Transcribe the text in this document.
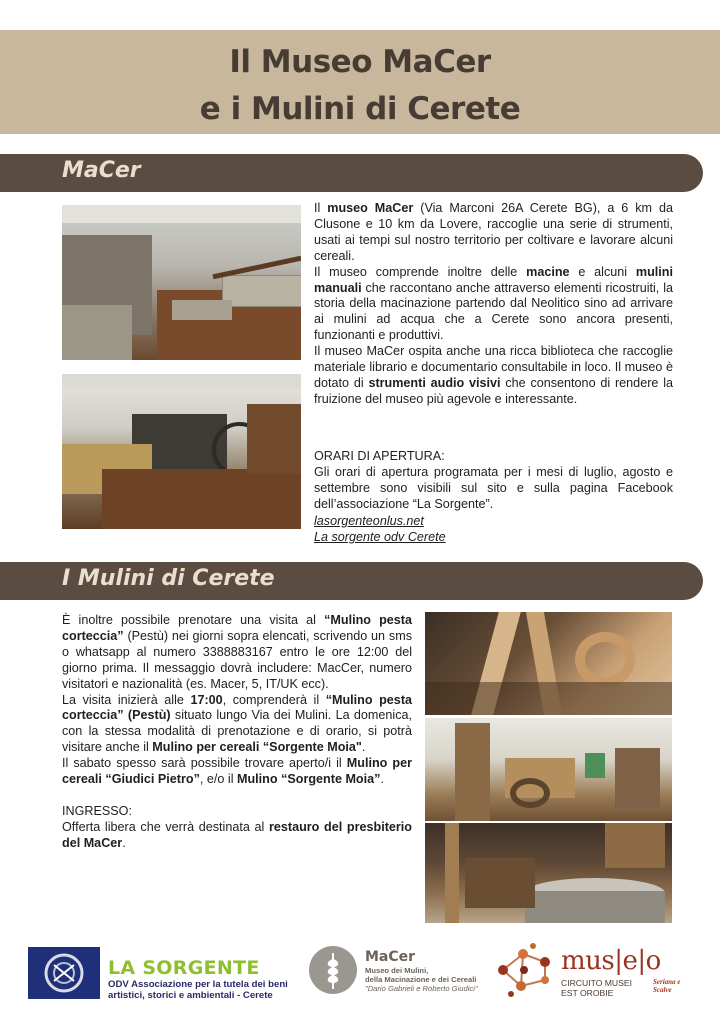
Il Museo MaCer
e i Mulini di Cerete
MaCer

Il museo MaCer (Via Marconi 26A Cerete BG), a 6 km da Clusone e 10 km da Lovere, raccoglie una serie di strumenti, usati ai tempi sul nostro territorio per coltivare e lavorare alcuni cereali.

Il museo comprende inoltre delle macine e alcuni mulini manuali che raccontano anche attraverso elementi ricostruiti, la storia della macinazione partendo dal Neolitico sino ad arrivare ai mulini ad acqua che a Cerete sono ancora presenti, funzionanti e produttivi.

Il museo MaCer ospita anche una ricca biblioteca che raccoglie materiale librario e documentario consultabile in loco. Il museo è dotato di strumenti audio visivi che consentono di rendere la fruizione del museo più agevole e interessante.

ORARI DI APERTURA:

Gli orari di apertura programata per i mesi di luglio, agosto e settembre sono visibili sul sito e sulla pagina Facebook dell’associazione “La Sorgente”.

lasorgenteonlus.net
La sorgente odv Cerete
I Mulini di Cerete

È inoltre possibile prenotare una visita al “Mulino pesta corteccia” (Pestù) nei giorni sopra elencati, scrivendo un sms o whatsapp al numero 3388883167 entro le ore 12:00 del giorno prima. Il messaggio dovrà includere: MacCer, numero visitatori e nazionalità (es. Macer, 5, IT/UK ecc).

La visita inizierà alle 17:00, comprenderà il “Mulino pesta corteccia” (Pestù) situato lungo Via dei Mulini. La domenica, con la stessa modalità di prenotazione e di orario, si potrà visitare anche il Mulino per cereali “Sorgente Moia".

Il sabato spesso sarà possibile trovare aperto/i il Mulino per cereali “Giudici Pietro”, e/o il Mulino “Sorgente Moia”.

INGRESSO:

Offerta libera che verrà destinata al restauro del presbiterio del MaCer.

LA SORGENTE
ODV Associazione per la tutela dei beni
artistici, storici e ambientali - Cerete
MaCer
Museo dei Mulini,
della Macinazione e dei Cereali
"Dario Gabrieli e Roberto Giudici"
mus|e|o
CIRCUITO MUSEI
EST OROBIE
Seriana e Scalve
